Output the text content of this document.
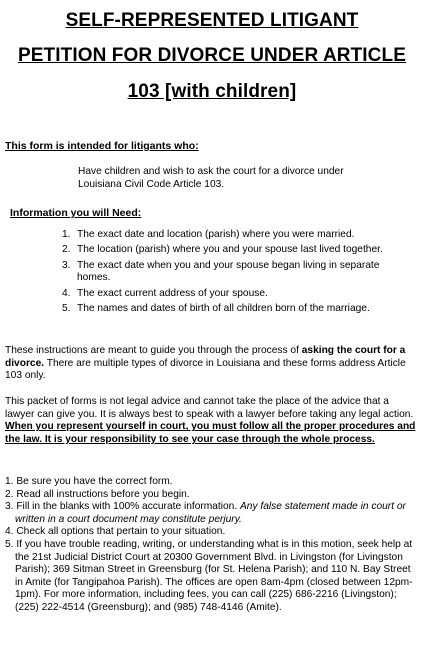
SELF-REPRESENTED LITIGANT
PETITION FOR DIVORCE UNDER ARTICLE
103 [with children]
This form is intended for litigants who:

Have children and wish to ask the court for a divorce under Louisiana Civil Code Article 103.

Information you will Need:
1. The exact date and location (parish) where you were married.
2. The location (parish) where you and your spouse last lived together.
3. The exact date when you and your spouse began living in separate homes.
4. The exact current address of your spouse.
5. The names and dates of birth of all children born of the marriage.

These instructions are meant to guide you through the process of asking the court for a divorce. There are multiple types of divorce in Louisiana and these forms address Article 103 only.

This packet of forms is not legal advice and cannot take the place of the advice that a lawyer can give you. It is always best to speak with a lawyer before taking any legal action. When you represent yourself in court, you must follow all the proper procedures and the law. It is your responsibility to see your case through the whole process.

1. Be sure you have the correct form.
2. Read all instructions before you begin.
3. Fill in the blanks with 100% accurate information. Any false statement made in court or written in a court document may constitute perjury.
4. Check all options that pertain to your situation.
5. If you have trouble reading, writing, or understanding what is in this motion, seek help at the 21st Judicial District Court at 20300 Government Blvd. in Livingston (for Livingston Parish); 369 Sitman Street in Greensburg (for St. Helena Parish); and 110 N. Bay Street in Amite (for Tangipahoa Parish). The offices are open 8am-4pm (closed between 12pm-1pm). For more information, including fees, you can call (225) 686-2216 (Livingston); (225) 222-4514 (Greensburg); and (985) 748-4146 (Amite).
